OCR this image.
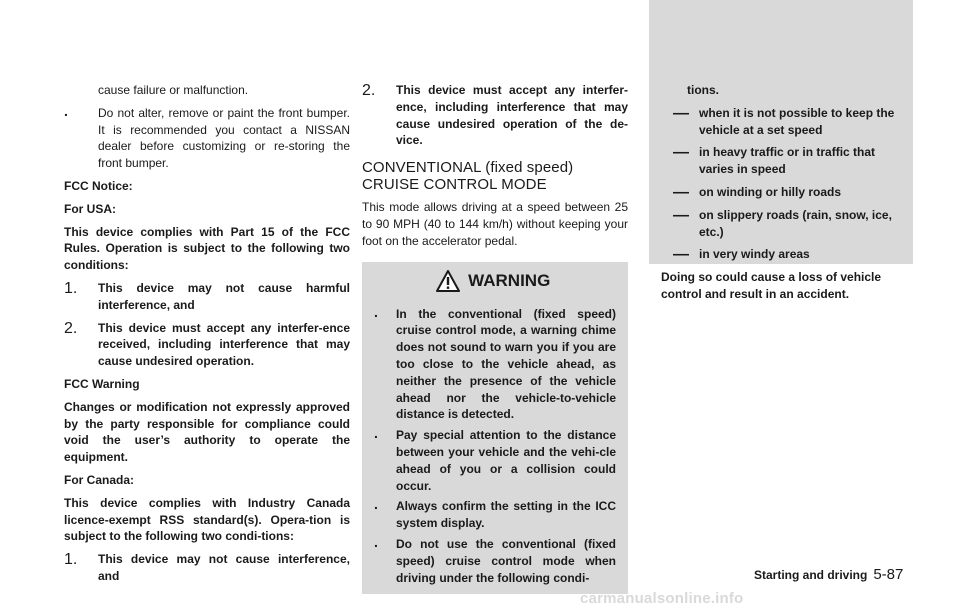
cause failure or malfunction.

.	Do not alter, remove or paint the front bumper. It is recommended you contact a NISSAN dealer before customizing or re-storing the front bumper.

FCC Notice:

For USA:

This device complies with Part 15 of the FCC Rules. Operation is subject to the following two conditions:

1. This device may not cause harmful interference, and

2. This device must accept any interfer-ence received, including interference that may cause undesired operation.

FCC Warning

Changes or modification not expressly approved by the party responsible for compliance could void the user’s authority to operate the equipment.

For Canada:

This device complies with Industry Canada licence-exempt RSS standard(s). Opera-tion is subject to the following two condi-tions:

1. This device may not cause interference, and

2. This device must accept any interfer-ence, including interference that may cause undesired operation of the de-vice.

CONVENTIONAL (fixed speed) CRUISE CONTROL MODE

This mode allows driving at a speed between 25 to 90 MPH (40 to 144 km/h) without keeping your foot on the accelerator pedal.

WARNING
. In the conventional (fixed speed) cruise control mode, a warning chime does not sound to warn you if you are too close to the vehicle ahead, as neither the presence of the vehicle ahead nor the vehicle-to-vehicle distance is detected.

. Pay special attention to the distance between your vehicle and the vehi-cle ahead of you or a collision could occur.

. Always confirm the setting in the ICC system display.

. Do not use the conventional (fixed speed) cruise control mode when driving under the following condi-

tions.

— when it is not possible to keep the vehicle at a set speed

— in heavy traffic or in traffic that varies in speed

— on winding or hilly roads

— on slippery roads (rain, snow, ice, etc.)

— in very windy areas

Doing so could cause a loss of vehicle control and result in an accident.

Starting and driving 5-87
carmanualsonline.info
